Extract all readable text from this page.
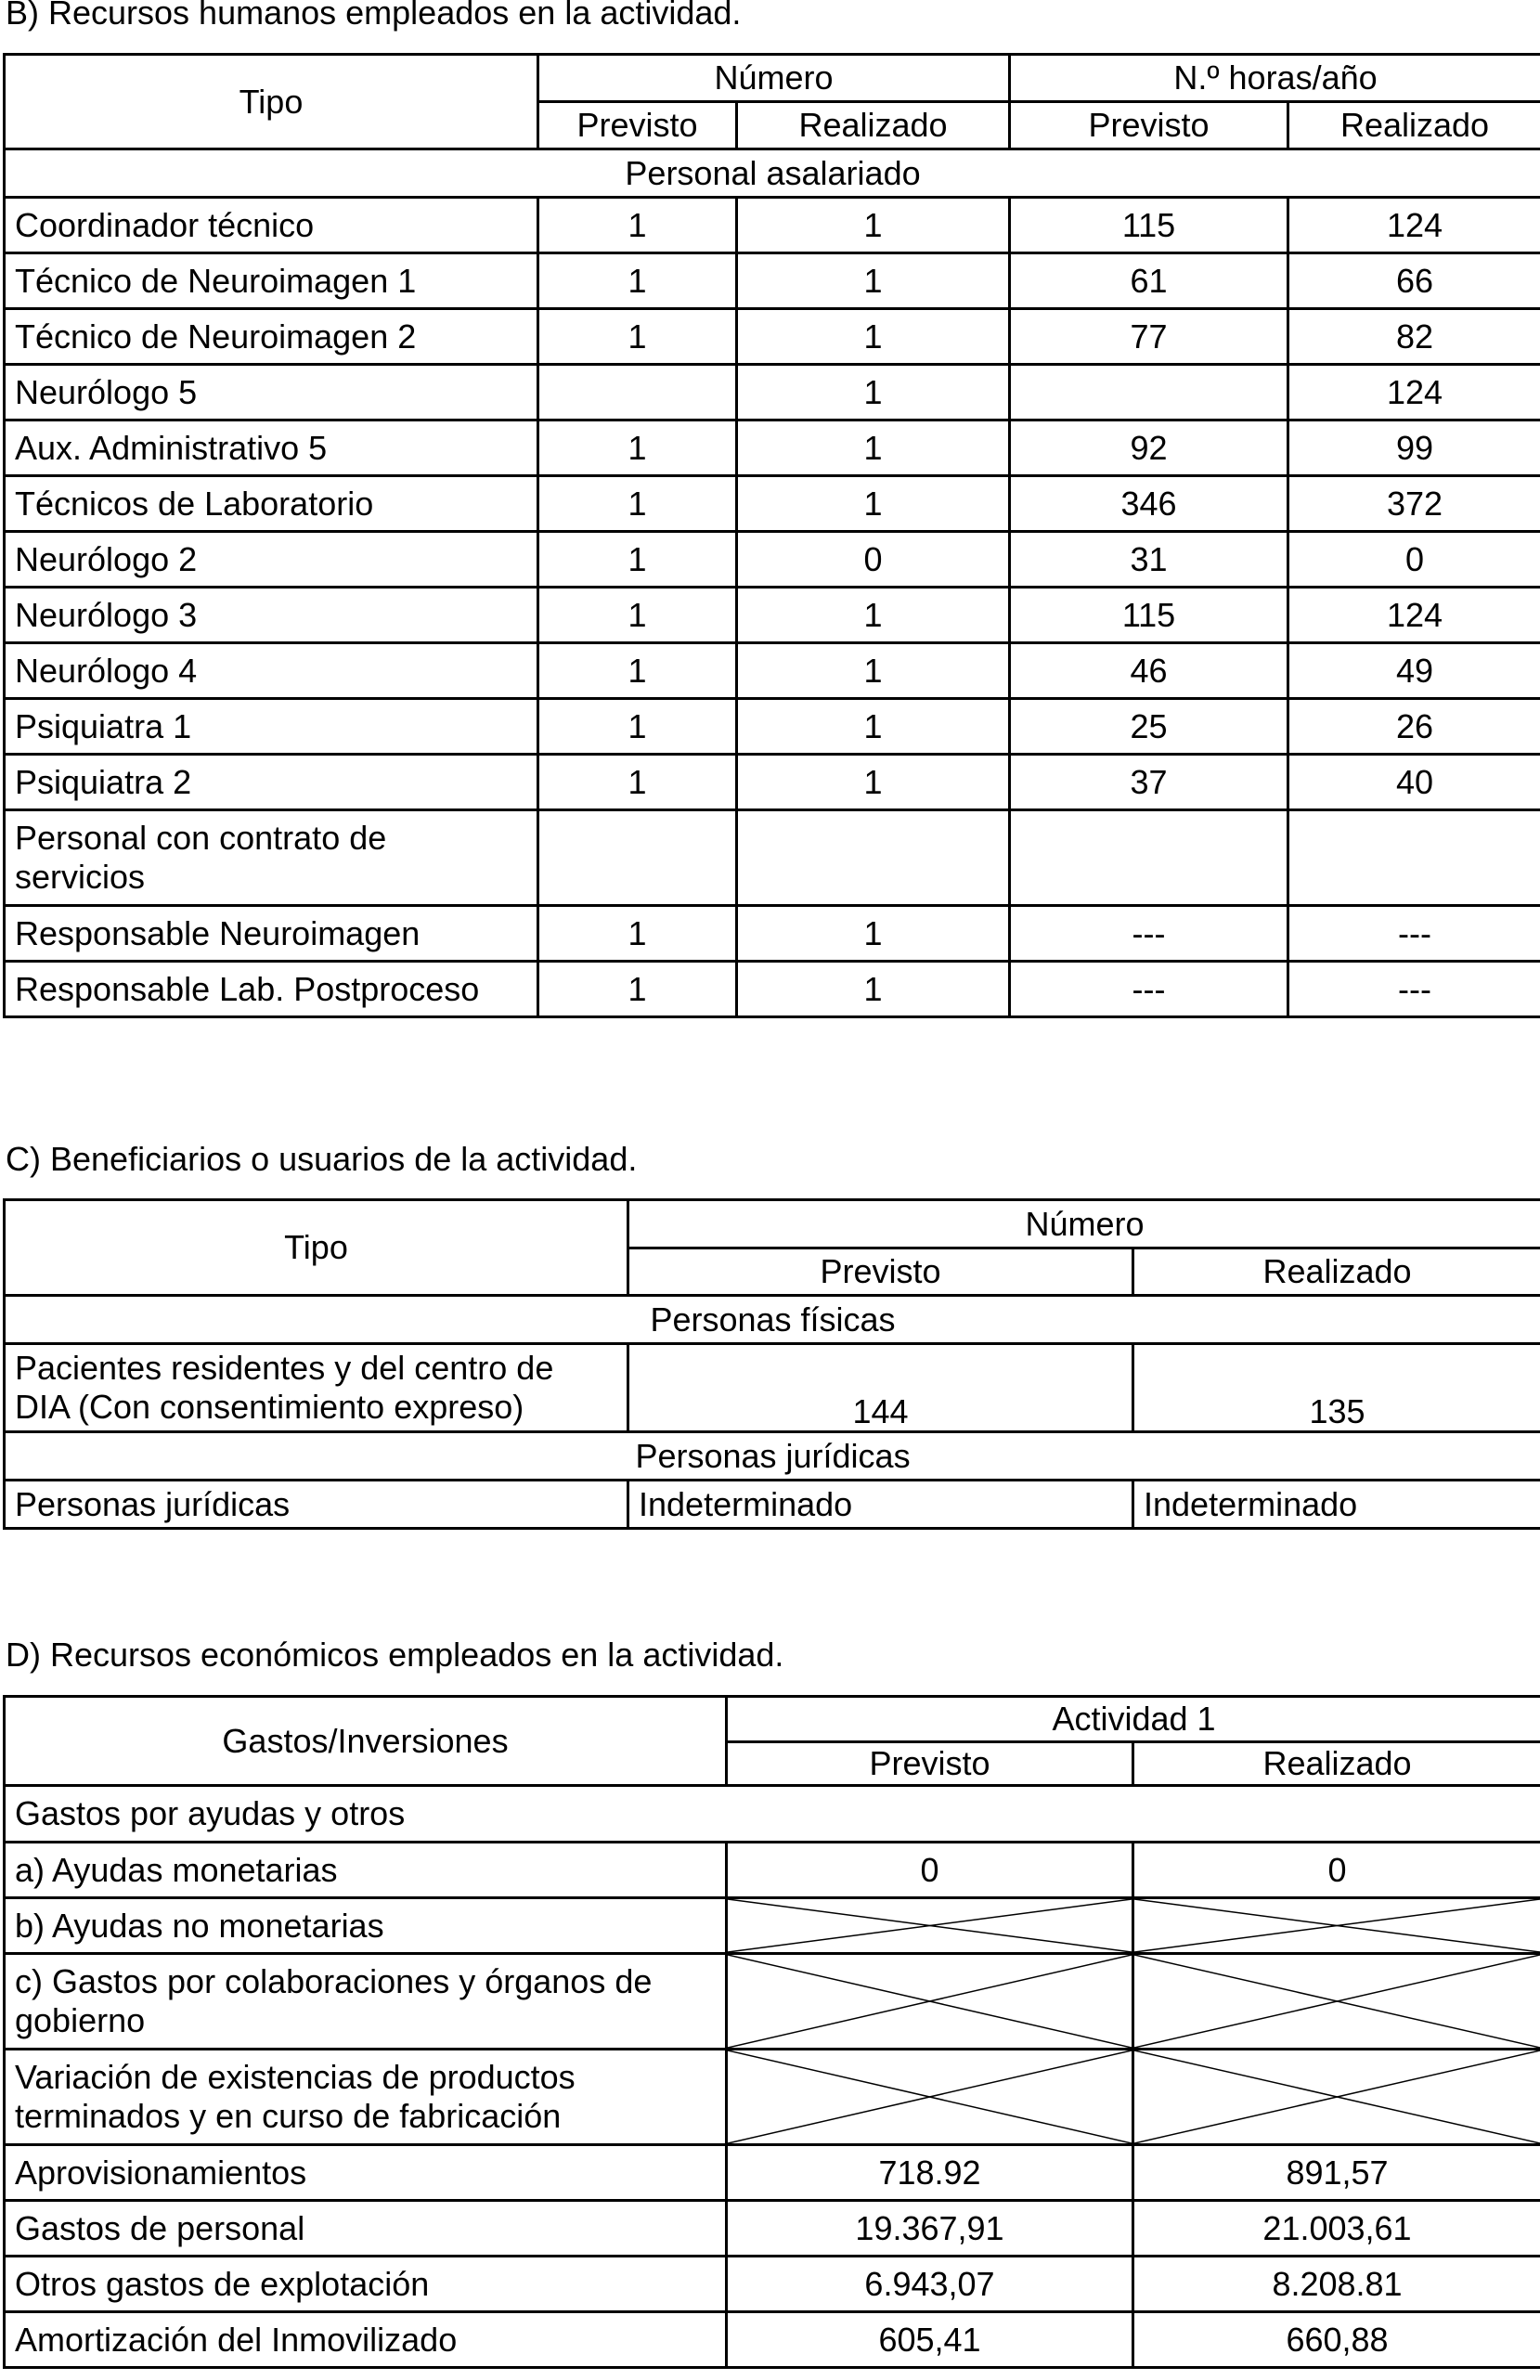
B) Recursos humanos empleados en la actividad.
Tipo	Número		N.º horas/año	
	Previsto	Realizado	Previsto	Realizado
Personal asalariado				
Coordinador técnico	1	1	115	124
Técnico de Neuroimagen 1	1	1	61	66
Técnico de Neuroimagen 2	1	1	77	82
Neurólogo 5		1		124
Aux. Administrativo 5	1	1	92	99
Técnicos de Laboratorio	1	1	346	372
Neurólogo 2	1	0	31	0
Neurólogo 3	1	1	115	124
Neurólogo 4	1	1	46	49
Psiquiatra 1	1	1	25	26
Psiquiatra 2	1	1	37	40
Personal con contrato de
servicios				
Responsable Neuroimagen	1	1	---	---
Responsable Lab. Postproceso	1	1	---	---
C) Beneficiarios o usuarios de la actividad.
Tipo	Número	
	Previsto	Realizado
Personas físicas		
Pacientes residentes y del centro de
DIA (Con consentimiento expreso)	144	135
Personas jurídicas		
Personas jurídicas	Indeterminado	Indeterminado
D) Recursos económicos empleados en la actividad.
Gastos/Inversiones	Actividad 1	
	Previsto	Realizado
Gastos por ayudas y otros		
a) Ayudas monetarias	0	0
b) Ayudas no monetarias	

c) Gastos por colaboraciones y órganos de
gobierno	

Variación de existencias de productos
terminados y en curso de fabricación	

Aprovisionamientos	718.92	891,57
Gastos de personal	19.367,91	21.003,61
Otros gastos de explotación	6.943,07	8.208.81
Amortización del Inmovilizado	605,41	660,88
